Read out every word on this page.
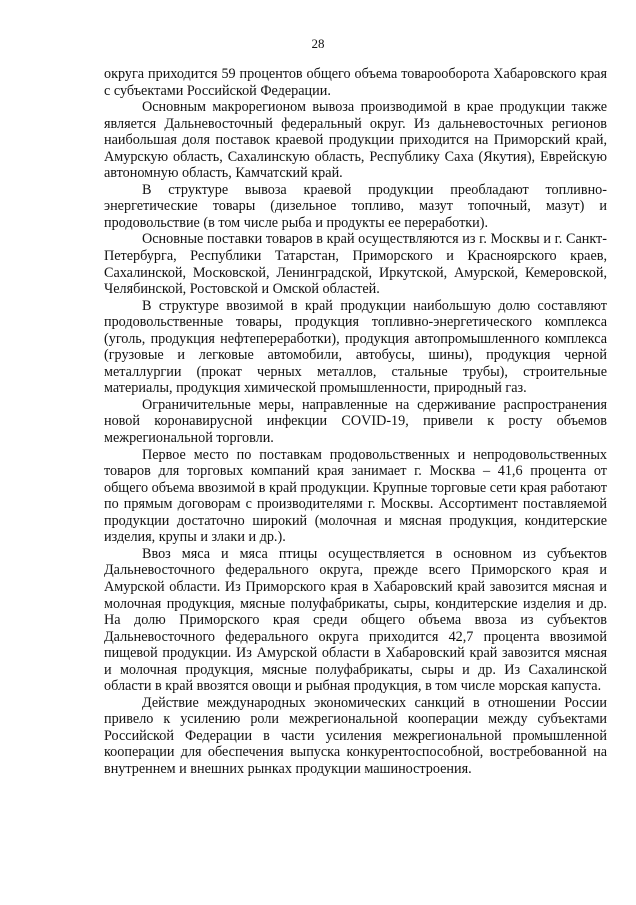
28

округа приходится 59 процентов общего объема товарооборота Хабаровского края с субъектами Российской Федерации.

Основным макрорегионом вывоза производимой в крае продукции также является Дальневосточный федеральный округ. Из дальневосточных регионов наибольшая доля поставок краевой продукции приходится на Приморский край, Амурскую область, Сахалинскую область, Республику Саха (Якутия), Еврейскую автономную область, Камчатский край.

В структуре вывоза краевой продукции преобладают топливно-энергетические товары (дизельное топливо, мазут топочный, мазут) и продовольствие (в том числе рыба и продукты ее переработки).

Основные поставки товаров в край осуществляются из г. Москвы и г. Санкт-Петербурга, Республики Татарстан, Приморского и Красноярского краев, Сахалинской, Московской, Ленинградской, Иркутской, Амурской, Кемеровской, Челябинской, Ростовской и Омской областей.

В структуре ввозимой в край продукции наибольшую долю составляют продовольственные товары, продукция топливно-энергетического комплекса (уголь, продукция нефтепереработки), продукция автопромышленного комплекса (грузовые и легковые автомобили, автобусы, шины), продукция черной металлургии (прокат черных металлов, стальные трубы), строительные материалы, продукция химической промышленности, природный газ.

Ограничительные меры, направленные на сдерживание распространения новой коронавирусной инфекции COVID-19, привели к росту объемов межрегиональной торговли.

Первое место по поставкам продовольственных и непродовольственных товаров для торговых компаний края занимает г. Москва – 41,6 процента от общего объема ввозимой в край продукции. Крупные торговые сети края работают по прямым договорам с производителями г. Москвы. Ассортимент поставляемой продукции достаточно широкий (молочная и мясная продукция, кондитерские изделия, крупы и злаки и др.).

Ввоз мяса и мяса птицы осуществляется в основном из субъектов Дальневосточного федерального округа, прежде всего Приморского края и Амурской области. Из Приморского края в Хабаровский край завозится мясная и молочная продукция, мясные полуфабрикаты, сыры, кондитерские изделия и др. На долю Приморского края среди общего объема ввоза из субъектов Дальневосточного федерального округа приходится 42,7 процента ввозимой пищевой продукции. Из Амурской области в Хабаровский край завозится мясная и молочная продукция, мясные полуфабрикаты, сыры и др. Из Сахалинской области в край ввозятся овощи и рыбная продукция, в том числе морская капуста.

Действие международных экономических санкций в отношении России привело к усилению роли межрегиональной кооперации между субъектами Российской Федерации в части усиления межрегиональной промышленной кооперации для обеспечения выпуска конкурентоспособной, востребованной на внутреннем и внешних рынках продукции машиностроения.
